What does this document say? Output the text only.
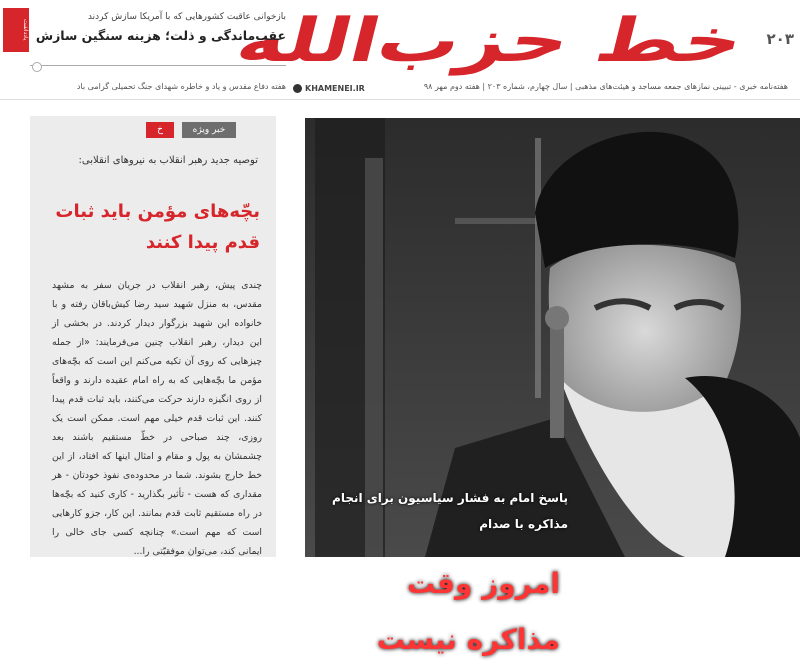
خط حزب‌الله ۲۰۳
KHAMENEI.IR	هفته‌نامه خبری - تبیینی نمازهای جمعه مساجد و هیئت‌های مذهبی | سال چهارم، شماره ۲۰۳ | هفته دوم مهر ۹۸
یادداشت
بازخوانی عاقبت کشورهایی که با آمریکا سازش کردند
عقب‌ماندگی و ذلت؛ هزینه سنگین سازش
هفته دفاع مقدس و یاد و خاطره شهدای جنگ تحمیلی گرامی باد
خبر ویژه
خ
توصیه جدید رهبر انقلاب به نیروهای انقلابی:
بچّه‌های مؤمن باید ثبات قدم پیدا کنند
چندی پیش، رهبر انقلاب در جریان سفر به مشهد مقدس، به منزل شهید سید رضا کیش‌باقان رفته و با خانواده این شهید بزرگوار دیدار کردند. در بخشی از این دیدار، رهبر انقلاب چنین می‌فرمایند: «از جمله چیزهایی که روی آن تکیه می‌کنم این است که بچّه‌های مؤمن ما بچّه‌هایی که به راه امام عقیده دارند و واقعاً از روی انگیزه دارند حرکت می‌کنند، باید ثبات قدم پیدا کنند. این ثبات قدم خیلی مهم است. ممکن است یک روزی، چند صباحی در خطّ مستقیم باشند بعد چشمشان به پول و مقام و امثال اینها که افتاد، از این خط خارج بشوند. شما در محدوده‌ی نفوذ خودتان - هر مقداری که هست - تأثیر بگذارید - کاری کنید که بچّه‌ها در راه مستقیم ثابت قدم بمانند. این کار، جزو کارهایی است که مهم است.» چنانچه کسی جای خالی را ایمانی کند، می‌توان موفقیّتی را...
پاسخ امام به فشار سیاسیون برای انجام مذاکره با صدام
امروز وقت مذاکره نیست
